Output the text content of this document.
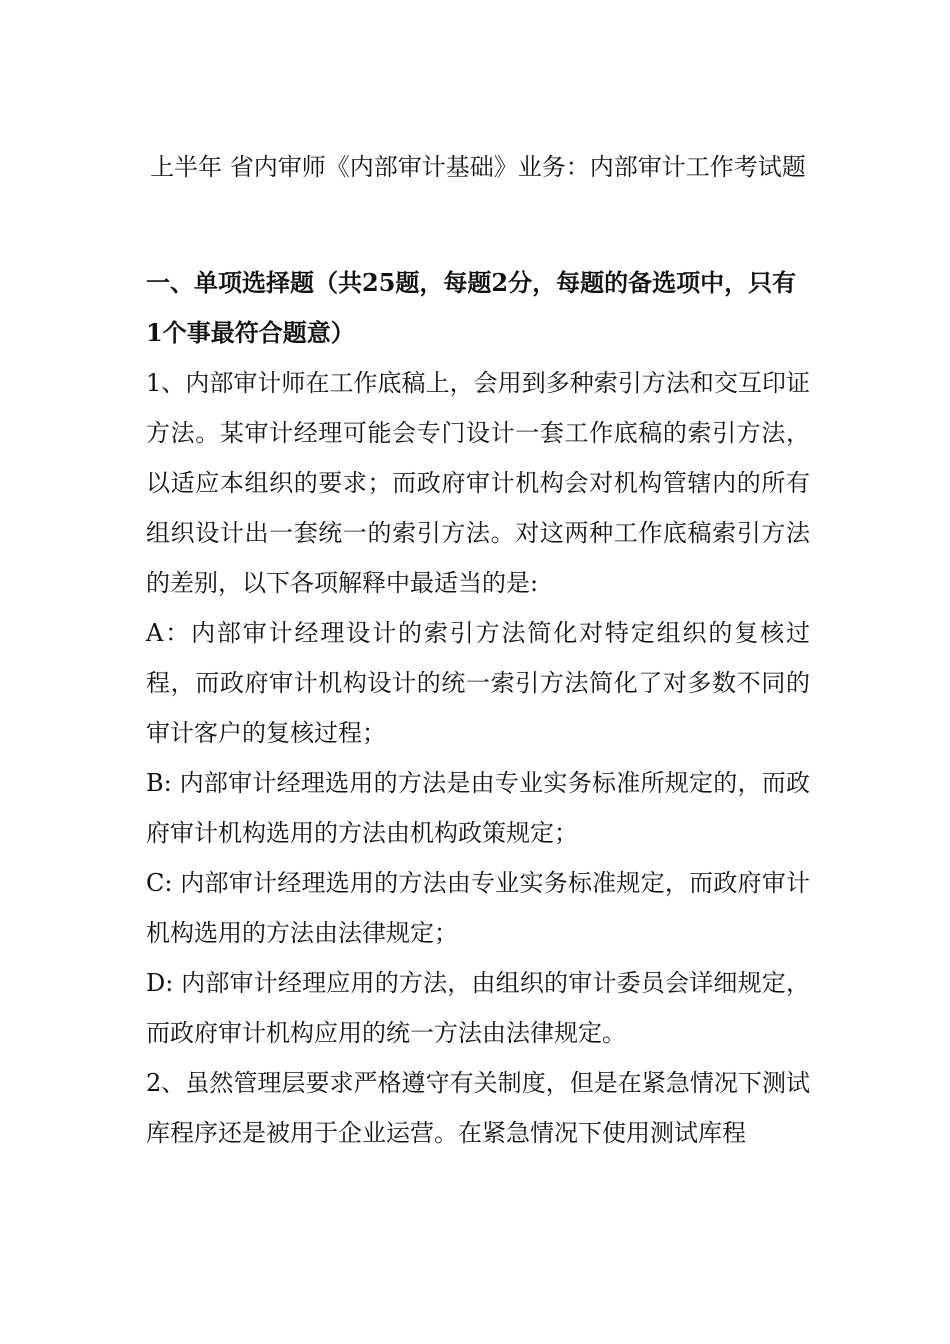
上半年 省内审师《内部审计基础》业务：内部审计工作考试题

一、单项选择题（共25题，每题2分，每题的备选项中，只有1个事最符合题意）

1、内部审计师在工作底稿上，会用到多种索引方法和交互印证方法。某审计经理可能会专门设计一套工作底稿的索引方法，以适应本组织的要求；而政府审计机构会对机构管辖内的所有组织设计出一套统一的索引方法。对这两种工作底稿索引方法的差别，以下各项解释中最适当的是:

A：内部审计经理设计的索引方法简化对特定组织的复核过程，而政府审计机构设计的统一索引方法简化了对多数不同的审计客户的复核过程；

B: 内部审计经理选用的方法是由专业实务标准所规定的，而政府审计机构选用的方法由机构政策规定；

C: 内部审计经理选用的方法由专业实务标准规定，而政府审计机构选用的方法由法律规定；

D: 内部审计经理应用的方法，由组织的审计委员会详细规定，而政府审计机构应用的统一方法由法律规定。

2、虽然管理层要求严格遵守有关制度，但是在紧急情况下测试库程序还是被用于企业运营。在紧急情况下使用测试库程
